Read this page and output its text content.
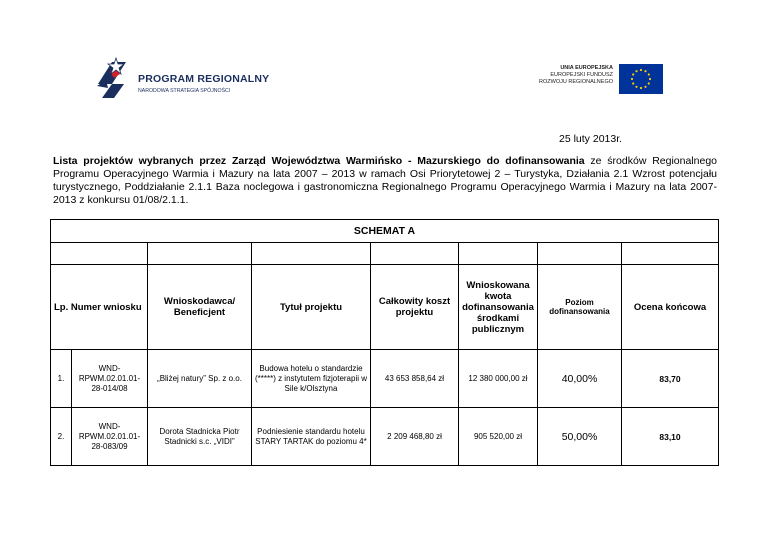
PROGRAM REGIONALNY
NARODOWA STRATEGIA SPÓJNOŚCI
UNIA EUROPEJSKA
EUROPEJSKI FUNDUSZ
ROZWOJU REGIONALNEGO
25 luty 2013r.
Lista projektów wybranych przez Zarząd Województwa Warmińsko - Mazurskiego do dofinansowania ze środków Regionalnego Programu Operacyjnego Warmia i Mazury na lata 2007 – 2013 w ramach Osi Priorytetowej 2 – Turystyka, Działania 2.1 Wzrost potencjału turystycznego, Poddziałanie 2.1.1 Baza noclegowa i gastronomiczna Regionalnego Programu Operacyjnego Warmia i Mazury na lata 2007-2013 z konkursu 01/08/2.1.1.
SCHEMAT A							

Lp. Numer wniosku		Wnioskodawca/ Beneficjent	Tytuł projektu	Całkowity koszt projektu	Wnioskowana kwota dofinansowania środkami publicznym	Poziom dofinansowania	Ocena końcowa
1.	WND-RPWM.02.01.01-28-014/08	„Bliżej natury” Sp. z o.o.	Budowa hotelu o standardzie (*****) z instytutem fizjoterapii w Sile k/Olsztyna	43 653 858,64 zł	12 380 000,00 zł	40,00%	83,70
2.	WND-RPWM.02.01.01-28-083/09	Dorota Stadnicka Piotr Stadnicki s.c. „VIDI”	Podniesienie standardu hotelu STARY TARTAK do poziomu 4*	2 209 468,80 zł	905 520,00 zł	50,00%	83,10
